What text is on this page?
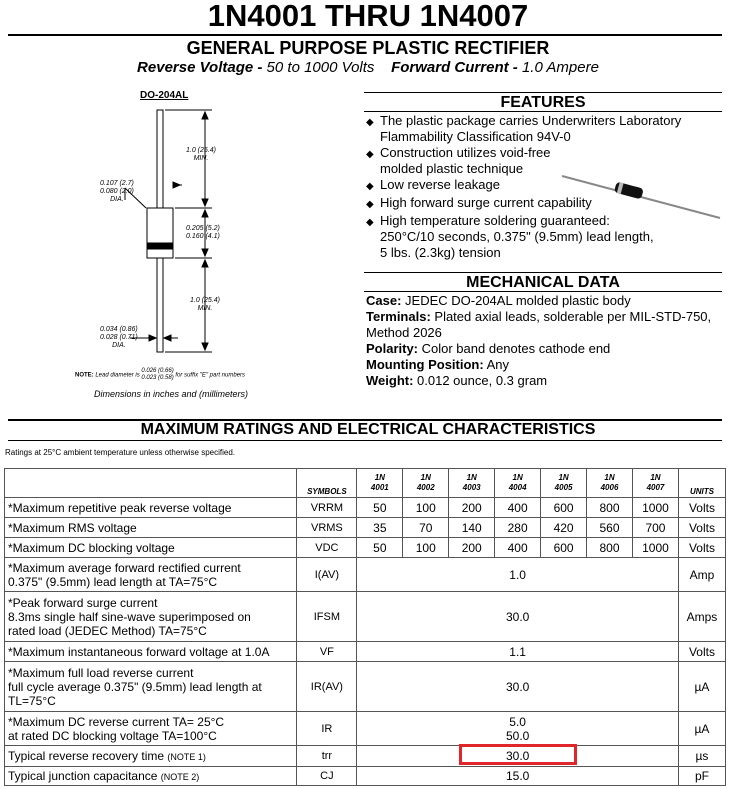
1N4001 THRU 1N4007
GENERAL PURPOSE PLASTIC RECTIFIER
Reverse Voltage - 50 to 1000 Volts Forward Current - 1.0 Ampere
DO-204AL
1.0 (25.4)
MIN.
0.107 (2.7)
0.080 (2.0)
DIA.
0.205 (5.2)
0.160 (4.1)
1.0 (25.4)
MIN.
0.034 (0.86)
0.028 (0.71)
DIA.
NOTE: Lead diameter is 0.026 (0.66)
0.023 (0.58) for suffix "E" part numbers
Dimensions in inches and (millimeters)
FEATURES
◆ The plastic package carries Underwriters Laboratory
Flammability Classification 94V-0
◆ Construction utilizes void-free
molded plastic technique
◆ Low reverse leakage
◆ High forward surge current capability
◆ High temperature soldering guaranteed:
250°C/10 seconds, 0.375" (9.5mm) lead length,
5 lbs. (2.3kg) tension
MECHANICAL DATA
Case: JEDEC DO-204AL molded plastic body
Terminals: Plated axial leads, solderable per MIL-STD-750,
Method 2026
Polarity: Color band denotes cathode end
Mounting Position: Any
Weight: 0.012 ounce, 0.3 gram
MAXIMUM RATINGS AND ELECTRICAL CHARACTERISTICS
Ratings at 25°C ambient temperature unless otherwise specified.
	SYMBOLS	1N
4001	1N
4002	1N
4003	1N
4004	1N
4005	1N
4006	1N
4007	UNITS
*Maximum repetitive peak reverse voltage	VRRM	50	100	200	400	600	800	1000	Volts
*Maximum RMS voltage	VRMS	35	70	140	280	420	560	700	Volts
*Maximum DC blocking voltage	VDC	50	100	200	400	600	800	1000	Volts
*Maximum average forward rectified current
0.375" (9.5mm) lead length at TA=75°C	I(AV)	1.0							Amp
*Peak forward surge current
8.3ms single half sine-wave superimposed on
rated load (JEDEC Method) TA=75°C	IFSM	30.0							Amps
*Maximum instantaneous forward voltage at 1.0A	VF	1.1							Volts
*Maximum full load reverse current
full cycle average 0.375" (9.5mm) lead length at
TL=75°C	IR(AV)	30.0							µA
*Maximum DC reverse current TA= 25°C
at rated DC blocking voltage TA=100°C	IR	5.0
50.0							µA
Typical reverse recovery time (NOTE 1)	trr	30.0							µs
Typical junction capacitance (NOTE 2)	CJ	15.0							pF
